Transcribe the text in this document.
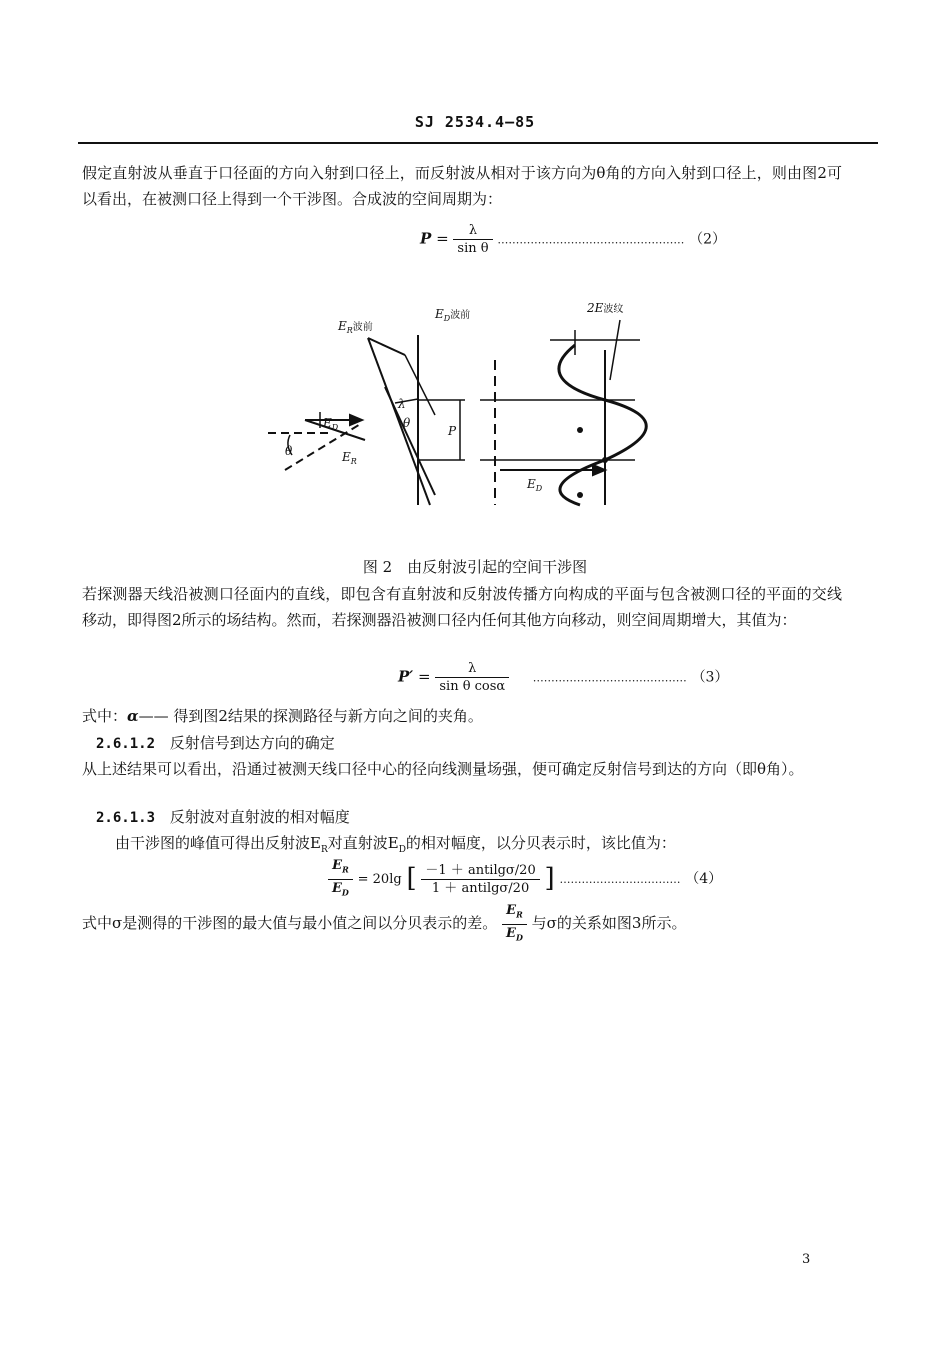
SJ 2534.4—85
假定直射波从垂直于口径面的方向入射到口径上，而反射波从相对于该方向为θ角的方向入射到口径上，则由图2可以看出，在被测口径上得到一个干涉图。合成波的空间周期为：
$P = \frac{\lambda}{\text{sin θ}}$ …………………………………………… （2）
$E_R^{波前}$
$E_D^{波前}$
2E波纹
λ
θ
θ
P
$E_D$
$E_R$
$E_D$
图 2　由反射波引起的空间干涉图
若探测器天线沿被测口径面内的直线，即包含有直射波和反射波传播方向构成的平面与包含被测口径的平面的交线移动，即得图2所示的场结构。然而，若探测器沿被测口径内任何其他方向移动，则空间周期增大，其值为：
$P' = \frac{\lambda}{\text{sin θ cosα}}$ …………………………………… （3）
式中：α—— 得到图2结果的探测路径与新方向之间的夹角。
2.6.1.2 反射信号到达方向的确定
从上述结果可以看出，沿通过被测天线口径中心的径向线测量场强，便可确定反射信号到达的方向（即θ角）。
2.6.1.3 反射波对直射波的相对幅度
由干涉图的峰值可得出反射波$E_R$对直射波$E_D$的相对幅度，以分贝表示时，该比值为：
$\frac{E_R}{E_D} = 20\lg$ [ $\frac{\text{－1 ＋ antilgσ/20}}{\text{1 ＋ antilgσ/20}}$ ] …………………………… （4）
式中σ是测得的干涉图的最大值与最小值之间以分贝表示的差。 $\frac{E_R}{E_D}$ 与σ的关系如图3所示。
3
